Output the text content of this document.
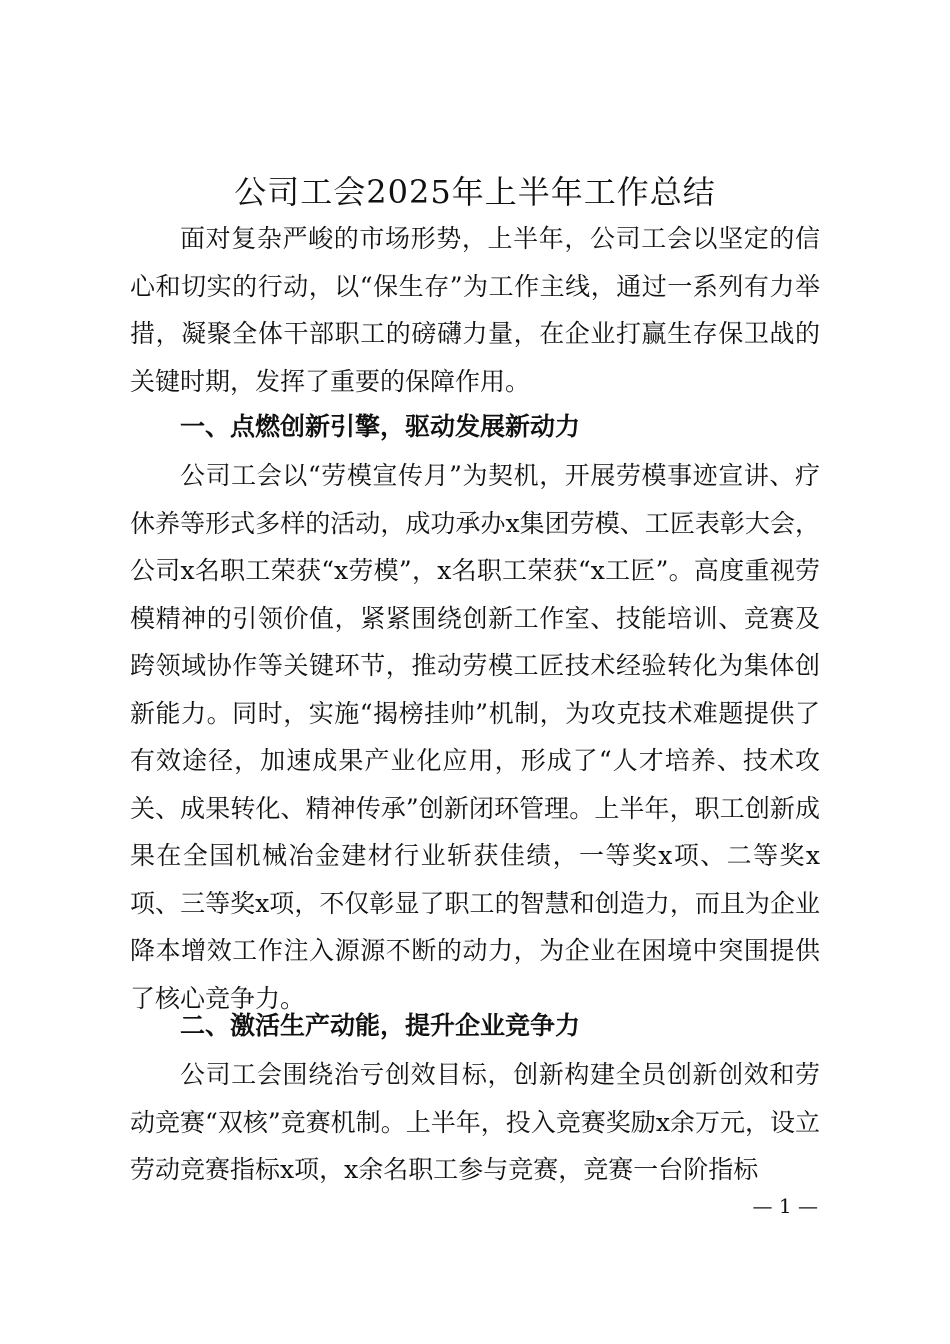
公司工会2025年上半年工作总结

面对复杂严峻的市场形势，上半年，公司工会以坚定的信心和切实的行动，以“保生存”为工作主线，通过一系列有力举措，凝聚全体干部职工的磅礴力量，在企业打赢生存保卫战的关键时期，发挥了重要的保障作用。

一、点燃创新引擎，驱动发展新动力

公司工会以“劳模宣传月”为契机，开展劳模事迹宣讲、疗休养等形式多样的活动，成功承办x集团劳模、工匠表彰大会，公司x名职工荣获“x劳模”，x名职工荣获“x工匠”。高度重视劳模精神的引领价值，紧紧围绕创新工作室、技能培训、竞赛及跨领域协作等关键环节，推动劳模工匠技术经验转化为集体创新能力。同时，实施“揭榜挂帅”机制，为攻克技术难题提供了有效途径，加速成果产业化应用，形成了“人才培养、技术攻关、成果转化、精神传承”创新闭环管理。上半年，职工创新成果在全国机械冶金建材行业斩获佳绩，一等奖x项、二等奖x项、三等奖x项，不仅彰显了职工的智慧和创造力，而且为企业降本增效工作注入源源不断的动力，为企业在困境中突围提供了核心竞争力。

二、激活生产动能，提升企业竞争力

公司工会围绕治亏创效目标，创新构建全员创新创效和劳动竞赛“双核”竞赛机制。上半年，投入竞赛奖励x余万元，设立劳动竞赛指标x项，x余名职工参与竞赛，竞赛一台阶指标

— 1 —
